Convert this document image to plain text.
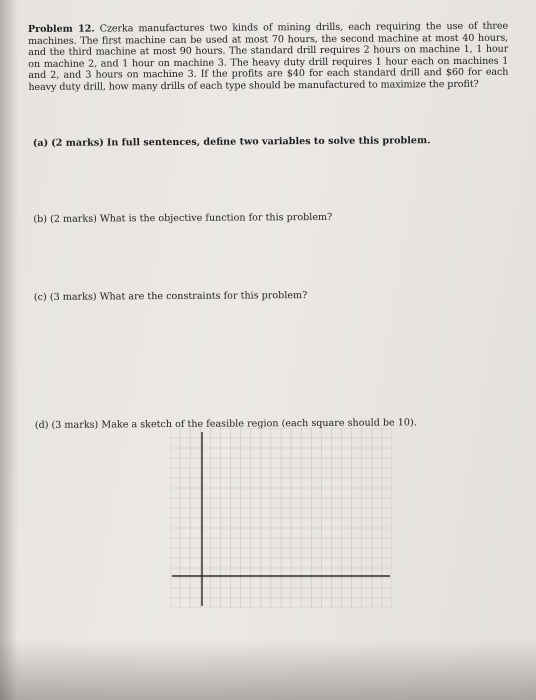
Problem 12. Czerka manufactures two kinds of mining drills, each requiring the use of three machines. The first machine can be used at most 70 hours, the second machine at most 40 hours, and the third machine at most 90 hours. The standard drill requires 2 hours on machine 1, 1 hour on machine 2, and 1 hour on machine 3. The heavy duty drill requires 1 hour each on machines 1 and 2, and 3 hours on machine 3. If the profits are $40 for each standard drill and $60 for each heavy duty drill, how many drills of each type should be manufactured to maximize the profit?

(a) (2 marks) In full sentences, define two variables to solve this problem.

(b) (2 marks) What is the objective function for this problem?

(c) (3 marks) What are the constraints for this problem?

(d) (3 marks) Make a sketch of the feasible region (each square should be 10).
